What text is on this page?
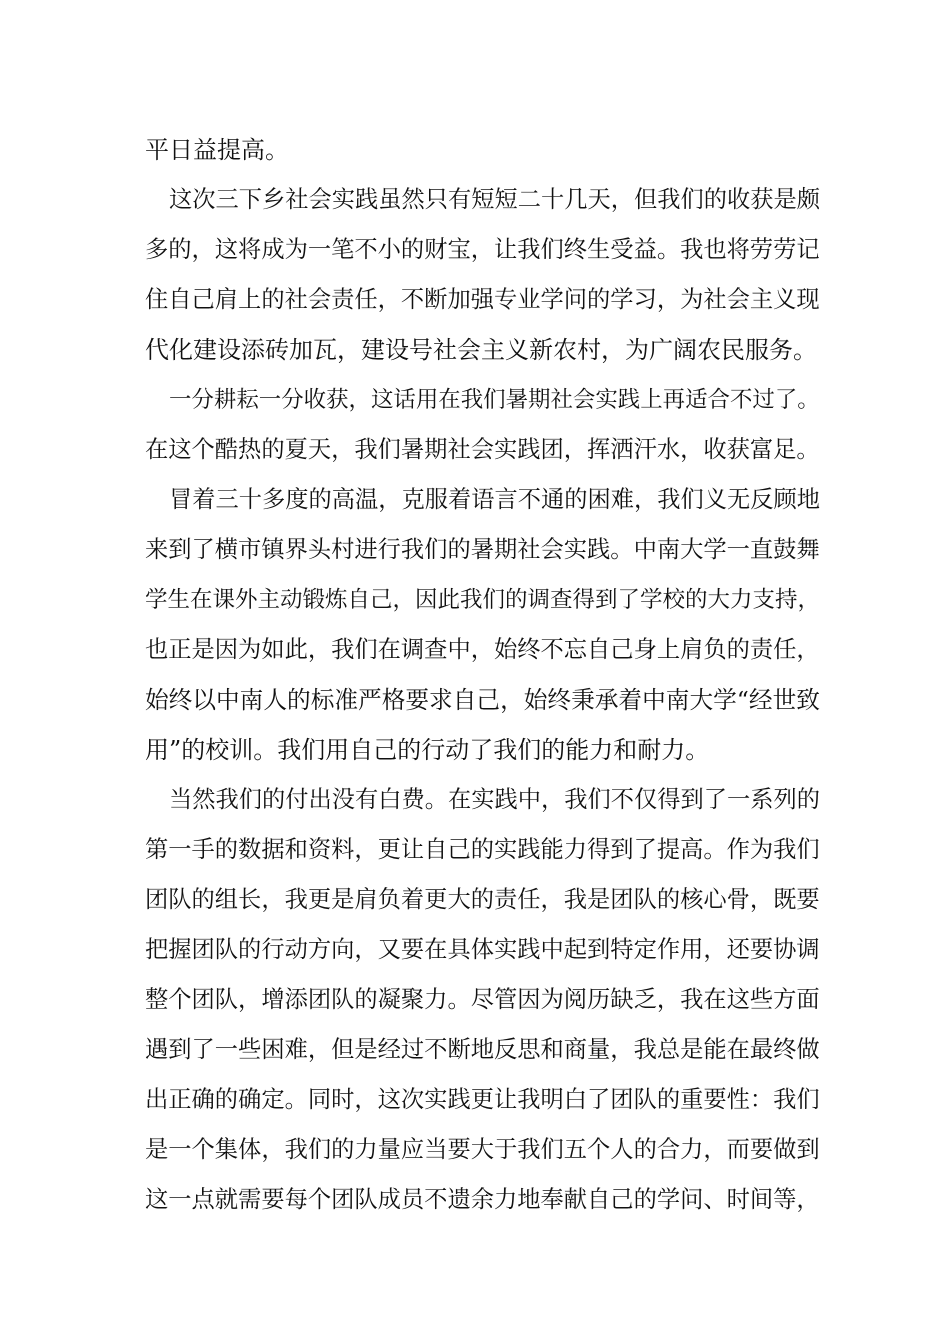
平日益提高。
这次三下乡社会实践虽然只有短短二十几天，但我们的收获是颇
多的，这将成为一笔不小的财宝，让我们终生受益。我也将劳劳记
住自己肩上的社会责任，不断加强专业学问的学习，为社会主义现
代化建设添砖加瓦，建设号社会主义新农村，为广阔农民服务。
一分耕耘一分收获，这话用在我们暑期社会实践上再适合不过了。
在这个酷热的夏天，我们暑期社会实践团，挥洒汗水，收获富足。
冒着三十多度的高温，克服着语言不通的困难，我们义无反顾地
来到了横市镇界头村进行我们的暑期社会实践。中南大学一直鼓舞
学生在课外主动锻炼自己，因此我们的调查得到了学校的大力支持，
也正是因为如此，我们在调查中，始终不忘自己身上肩负的责任，
始终以中南人的标准严格要求自己，始终秉承着中南大学“经世致
用”的校训。我们用自己的行动了我们的能力和耐力。
当然我们的付出没有白费。在实践中，我们不仅得到了一系列的
第一手的数据和资料，更让自己的实践能力得到了提高。作为我们
团队的组长，我更是肩负着更大的责任，我是团队的核心骨，既要
把握团队的行动方向，又要在具体实践中起到特定作用，还要协调
整个团队，增添团队的凝聚力。尽管因为阅历缺乏，我在这些方面
遇到了一些困难，但是经过不断地反思和商量，我总是能在最终做
出正确的确定。同时，这次实践更让我明白了团队的重要性：我们
是一个集体，我们的力量应当要大于我们五个人的合力，而要做到
这一点就需要每个团队成员不遗余力地奉献自己的学问、时间等，
